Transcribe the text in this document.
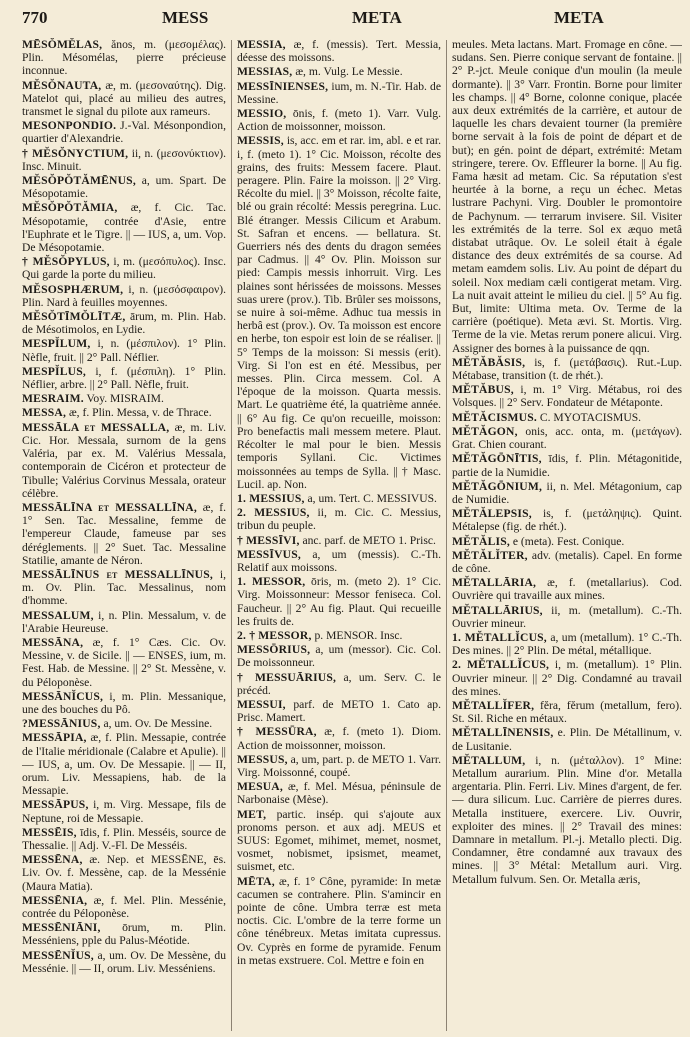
770	MESS	META	META

MĒSŎMĔLAS, ănos, m. (μεσομέλας). Plin. Mésomélas, pierre précieuse inconnue.

MĔSŎNAUTA, æ, m. (μεσοναύτης). Dig. Matelot qui, placé au milieu des autres, transmet le signal du pilote aux rameurs.

MESONPONDIO. J.-Val. Mésonpondion, quartier d'Alexandrie.

† MĔSŎNYCTIUM, ii, n. (μεσονύκτιον). Insc. Minuit.

MĔSŎPŎTĂMĒNUS, a, um. Spart. De Mésopotamie.

MĔSŎPŎTĂMIA, æ, f. Cic. Tac. Mésopotamie, contrée d'Asie, entre l'Euphrate et le Tigre. || — IUS, a, um. Vop. De Mésopotamie.

† MĔSŎPYLUS, i, m. (μεσόπυλος). Insc. Qui garde la porte du milieu.

MĔSOSPHÆRUM, i, n. (μεσόσφαιρον). Plin. Nard à feuilles moyennes.

MĔSŎTĪMŎLĪTÆ, ārum, m. Plin. Hab. de Mésotimolos, en Lydie.

MESPĬLUM, i, n. (μέσπιλον). 1° Plin. Nèfle, fruit. || 2° Pall. Néflier.

MESPĬLUS, i, f. (μέσπιλη). 1° Plin. Néflier, arbre. || 2° Pall. Nèfle, fruit.

MESRAIM. Voy. MISRAIM.

MESSA, æ, f. Plin. Messa, v. de Thrace.

MESSĀLA et MESSALLA, æ, m. Liv. Cic. Hor. Messala, surnom de la gens Valéria, par ex. M. Valérius Messala, contemporain de Cicéron et protecteur de Tibulle; Valérius Corvinus Messala, orateur célèbre.

MESSĀLĪNA et MESSALLĪNA, æ, f. 1° Sen. Tac. Messaline, femme de l'empereur Claude, fameuse par ses déréglements. || 2° Suet. Tac. Messaline Statilie, amante de Néron.

MESSĀLĪNUS et MESSALLĪNUS, i, m. Ov. Plin. Tac. Messalinus, nom d'homme.

MESSALUM, i, n. Plin. Messalum, v. de l'Arabie Heureuse.

MESSĀNA, æ, f. 1° Cæs. Cic. Ov. Messine, v. de Sicile. || — ENSES, ium, m. Fest. Hab. de Messine. || 2° St. Messène, v. du Péloponèse.

MESSĀNĬCUS, i, m. Plin. Messanique, une des bouches du Pô.

?MESSĀNIUS, a, um. Ov. De Messine.

MESSĀPIA, æ, f. Plin. Messapie, contrée de l'Italie méridionale (Calabre et Apulie). || — IUS, a, um. Ov. De Messapie. || — II, orum. Liv. Messapiens, hab. de la Messapie.

MESSĀPUS, i, m. Virg. Messape, fils de Neptune, roi de Messapie.

MESSĒIS, īdis, f. Plin. Messéis, source de Thessalie. || Adj. V.-Fl. De Messéis.

MESSĒNA, æ. Nep. et MESSĒNE, ēs. Liv. Ov. f. Messène, cap. de la Messénie (Maura Matia).

MESSĒNIA, æ, f. Mel. Plin. Messénie, contrée du Péloponèse.

MESSĒNIĀNI, ōrum, m. Plin. Messéniens, pple du Palus-Méotide.

MESSĒNĬUS, a, um. Ov. De Messène, du Messénie. || — II, orum. Liv. Messéniens.

MESSIA, æ, f. (messis). Tert. Messia, déesse des moissons.

MESSIAS, æ, m. Vulg. Le Messie.

MESSĪNIENSES, ium, m. N.-Tir. Hab. de Messine.

MESSIO, ōnis, f. (meto 1). Varr. Vulg. Action de moissonner, moisson.

MESSIS, is, acc. em et rar. im, abl. e et rar. i, f. (meto 1). 1° Cic. Moisson, récolte des grains, des fruits: Messem facere. Plaut. peragere. Plin. Faire la moisson. || 2° Virg. Récolte du miel. || 3° Moisson, récolte faite, blé ou grain récolté: Messis peregrina. Luc. Blé étranger. Messis Cilicum et Arabum. St. Safran et encens. — bellatura. St. Guerriers nés des dents du dragon semées par Cadmus. || 4° Ov. Plin. Moisson sur pied: Campis messis inhorruit. Virg. Les plaines sont hérissées de moissons. Messes suas urere (prov.). Tib. Brûler ses moissons, se nuire à soi-même. Adhuc tua messis in herbâ est (prov.). Ov. Ta moisson est encore en herbe, ton espoir est loin de se réaliser. || 5° Temps de la moisson: Si messis (erit). Virg. Si l'on est en été. Messibus, per messes. Plin. Circa messem. Col. A l'époque de la moisson. Quarta messis. Mart. Le quatrième été, la quatrième année. || 6° Au fig. Ce qu'on recueille, moisson: Pro benefactis mali messem metere. Plaut. Récolter le mal pour le bien. Messis temporis Syllani. Cic. Victimes moissonnées au temps de Sylla. || † Masc. Lucil. ap. Non.

1. MESSIUS, a, um. Tert. C. MESSIVUS.

2. MESSIUS, ii, m. Cic. C. Messius, tribun du peuple.

† MESSĪVI, anc. parf. de METO 1. Prisc.

MESSĪVUS, a, um (messis). C.-Th. Relatif aux moissons.

1. MESSOR, ōris, m. (meto 2). 1° Cic. Virg. Moissonneur: Messor feniseca. Col. Faucheur. || 2° Au fig. Plaut. Qui recueille les fruits de.

2. † MESSOR, p. MENSOR. Insc.

MESSŌRIUS, a, um (messor). Cic. Col. De moissonneur.

† MESSUĀRIUS, a, um. Serv. C. le précéd.

MESSUI, parf. de METO 1. Cato ap. Prisc. Mamert.

† MESSŪRA, æ, f. (meto 1). Diom. Action de moissonner, moisson.

MESSUS, a, um, part. p. de METO 1. Varr. Virg. Moissonné, coupé.

MESUA, æ, f. Mel. Mésua, péninsule de Narbonaise (Mèse).

MET, partic. insép. qui s'ajoute aux pronoms person. et aux adj. MEUS et SUUS: Egomet, mihimet, memet, nosmet, vosmet, nobismet, ipsismet, meamet, suismet, etc.

MĒTA, æ, f. 1° Cône, pyramide: In metæ cacumen se contrahere. Plin. S'amincir en pointe de cône. Umbra terræ est meta noctis. Cic. L'ombre de la terre forme un cône ténébreux. Metas imitata cupressus. Ov. Cyprès en forme de pyramide. Fenum in metas exstruere. Col. Mettre e foin en

meules. Meta lactans. Mart. Fromage en cône. — sudans. Sen. Pierre conique servant de fontaine. || 2° P.-jct. Meule conique d'un moulin (la meule dormante). || 3° Varr. Frontin. Borne pour limiter les champs. || 4° Borne, colonne conique, placée aux deux extrémités de la carrière, et autour de laquelle les chars devaient tourner (la première borne servait à la fois de point de départ et de but); en gén. point de départ, extrémité: Metam stringere, terere. Ov. Effleurer la borne. || Au fig. Fama hæsit ad metam. Cic. Sa réputation s'est heurtée à la borne, a reçu un échec. Metas lustrare Pachyni. Virg. Doubler le promontoire de Pachynum. — terrarum invisere. Sil. Visiter les extrémités de la terre. Sol ex æquo metâ distabat utrâque. Ov. Le soleil était à égale distance des deux extrémités de sa course. Ad metam eamdem solis. Liv. Au point de départ du soleil. Nox mediam cæli contigerat metam. Virg. La nuit avait atteint le milieu du ciel. || 5° Au fig. But, limite: Ultima meta. Ov. Terme de la carrière (poétique). Meta ævi. St. Mortis. Virg. Terme de la vie. Metas rerum ponere alicui. Virg. Assigner des bornes à la puissance de qqn.

MĔTĂBĂSIS, is, f. (μετάβασις). Rut.-Lup. Métabase, transition (t. de rhét.).

MĔTĂBUS, i, m. 1° Virg. Métabus, roi des Volsques. || 2° Serv. Fondateur de Métaponte.

MĔTĂCISMUS. C. MYOTACISMUS.

MĔTĂGON, onis, acc. onta, m. (μετάγων). Grat. Chien courant.

MĔTĂGŌNĪTIS, īdis, f. Plin. Métagonitide, partie de la Numidie.

MĔTĂGŌNIUM, ii, n. Mel. Métagonium, cap de Numidie.

MĔTĂLEPSIS, is, f. (μετάληψις). Quint. Métalepse (fig. de rhét.).

MĔTĂLIS, e (meta). Fest. Conique.

MĔTĂLĬTER, adv. (metalis). Capel. En forme de cône.

MĔTALLĀRIA, æ, f. (metallarius). Cod. Ouvrière qui travaille aux mines.

MĔTALLĀRIUS, ii, m. (metallum). C.-Th. Ouvrier mineur.

1. MĔTALLĬCUS, a, um (metallum). 1° C.-Th. Des mines. || 2° Plin. De métal, métallique.

2. MĔTALLĬCUS, i, m. (metallum). 1° Plin. Ouvrier mineur. || 2° Dig. Condamné au travail des mines.

MĔTALLĬFER, fĕra, fĕrum (metallum, fero). St. Sil. Riche en métaux.

MĔTALLĪNENSIS, e. Plin. De Métallinum, v. de Lusitanie.

MĔTALLUM, i, n. (μέταλλον). 1° Mine: Metallum aurarium. Plin. Mine d'or. Metalla argentaria. Plin. Ferri. Liv. Mines d'argent, de fer. — dura silicum. Luc. Carrière de pierres dures. Metalla instituere, exercere. Liv. Ouvrir, exploiter des mines. || 2° Travail des mines: Damnare in metallum. Pl.-j. Metallo plecti. Dig. Condamner, être condamné aux travaux des mines. || 3° Métal: Metallum auri. Virg. Metallum fulvum. Sen. Or. Metalla æris,
